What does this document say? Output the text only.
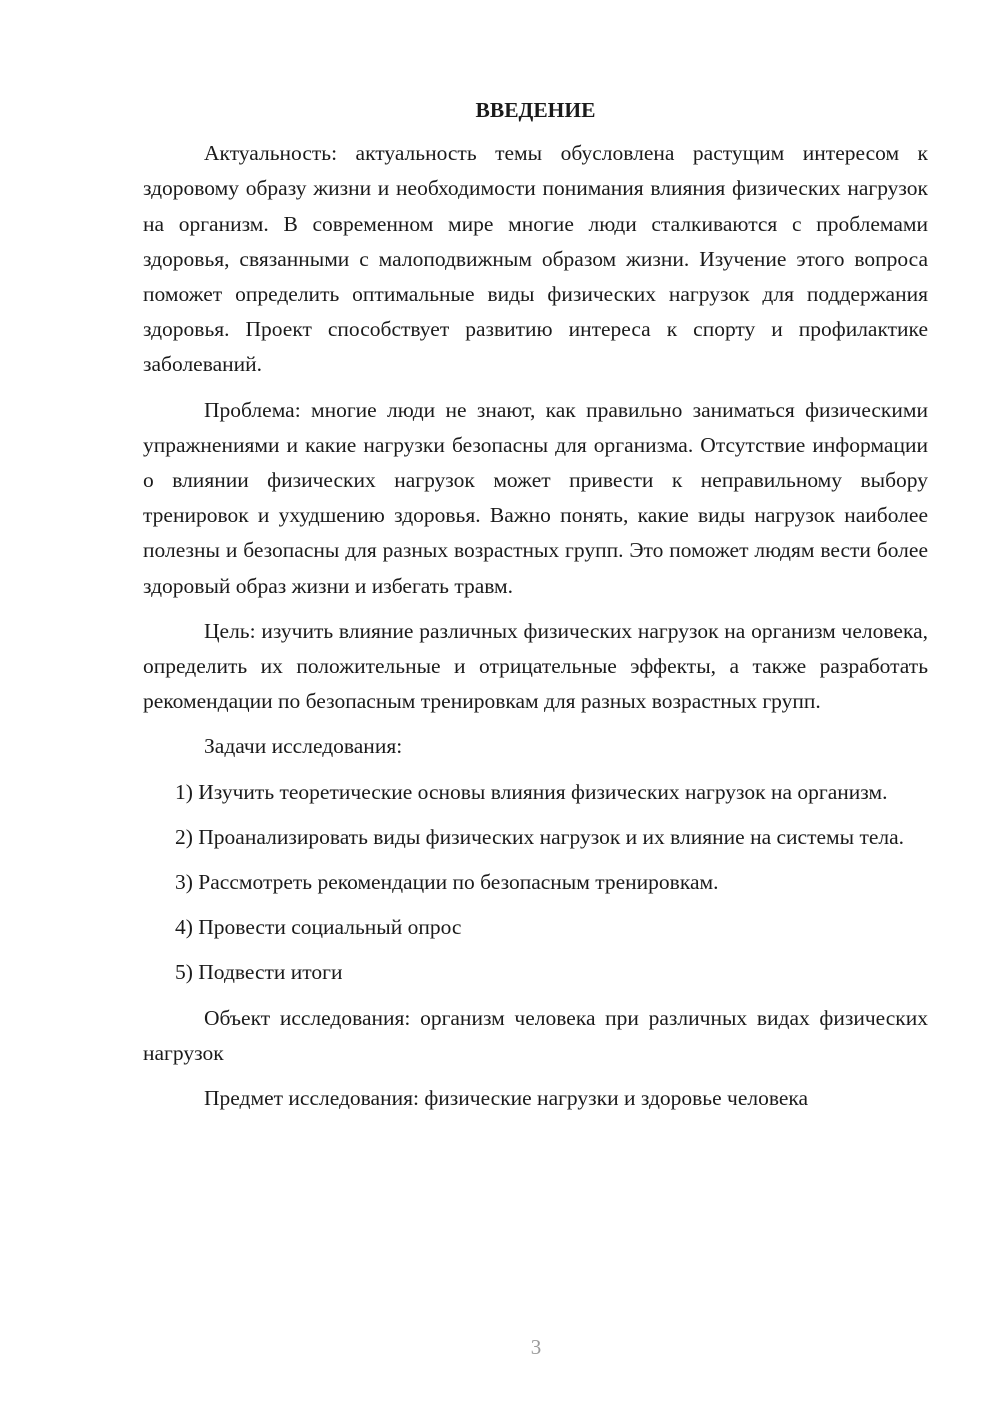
ВВЕДЕНИЕ

Актуальность: актуальность темы обусловлена растущим интересом к здоровому образу жизни и необходимости понимания влияния физических нагрузок на организм. В современном мире многие люди сталкиваются с проблемами здоровья, связанными с малоподвижным образом жизни. Изучение этого вопроса поможет определить оптимальные виды физических нагрузок для поддержания здоровья. Проект способствует развитию интереса к спорту и профилактике заболеваний.

Проблема: многие люди не знают, как правильно заниматься физическими упражнениями и какие нагрузки безопасны для организма. Отсутствие информации о влиянии физических нагрузок может привести к неправильному выбору тренировок и ухудшению здоровья. Важно понять, какие виды нагрузок наиболее полезны и безопасны для разных возрастных групп. Это поможет людям вести более здоровый образ жизни и избегать травм.

Цель: изучить влияние различных физических нагрузок на организм человека, определить их положительные и отрицательные эффекты, а также разработать рекомендации по безопасным тренировкам для разных возрастных групп.

Задачи исследования:

1) Изучить теоретические основы влияния физических нагрузок на организм.

2) Проанализировать виды физических нагрузок и их влияние на системы тела.

3) Рассмотреть рекомендации по безопасным тренировкам.

4) Провести социальный опрос

5) Подвести итоги

Объект исследования: организм человека при различных видах физических нагрузок

Предмет исследования: физические нагрузки и здоровье человека

3
